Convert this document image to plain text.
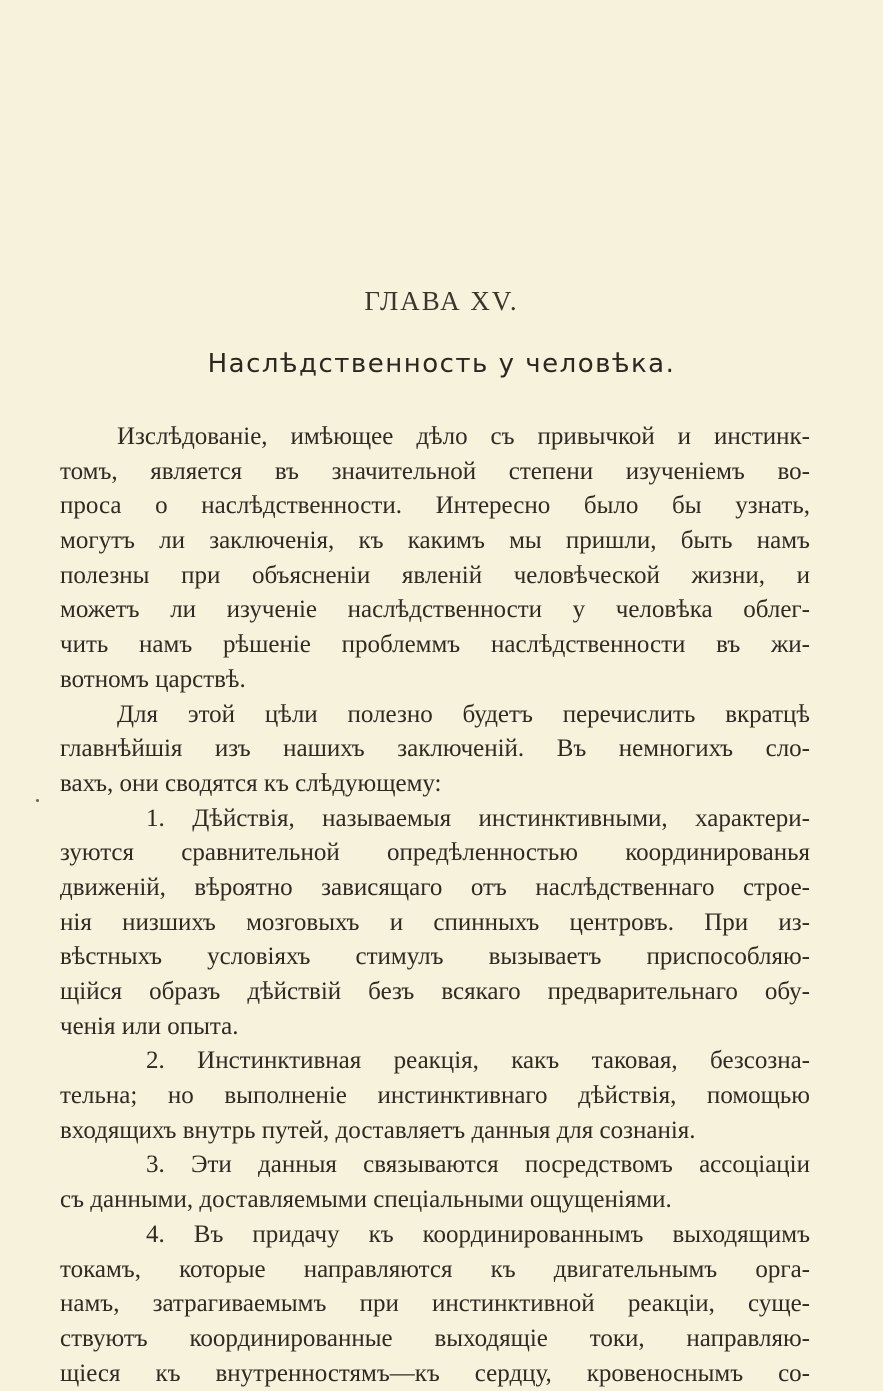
ГЛАВА XV.
Наслѣдственность у человѣка.
Изслѣдованіе, имѣющее дѣло съ привычкой и инстинк-
томъ, является въ значительной степени изученіемъ во-
проса о наслѣдственности. Интересно было бы узнать,
могутъ ли заключенія, къ какимъ мы пришли, быть намъ
полезны при объясненіи явленій человѣческой жизни, и
можетъ ли изученіе наслѣдственности у человѣка облег-
чить намъ рѣшеніе проблеммъ наслѣдственности въ жи-
вотномъ царствѣ.
Для этой цѣли полезно будетъ перечислить вкратцѣ
главнѣйшія изъ нашихъ заключеній. Въ немногихъ сло-
вахъ, они сводятся къ слѣдующему:
1. Дѣйствія, называемыя инстинктивными, характери-
зуются сравнительной опредѣленностью координированья
движеній, вѣроятно зависящаго отъ наслѣдственнаго строе-
нія низшихъ мозговыхъ и спинныхъ центровъ. При из-
вѣстныхъ условіяхъ стимулъ вызываетъ приспособляю-
щійся образъ дѣйствій безъ всякаго предварительнаго обу-
ченія или опыта.
2. Инстинктивная реакція, какъ таковая, безсозна-
тельна; но выполненіе инстинктивнаго дѣйствія, помощью
входящихъ внутрь путей, доставляетъ данныя для сознанія.
3. Эти данныя связываются посредствомъ ассоціаціи
съ данными, доставляемыми спеціальными ощущеніями.
4. Въ придачу къ координированнымъ выходящимъ
токамъ, которые направляются къ двигательнымъ орга-
намъ, затрагиваемымъ при инстинктивной реакціи, суще-
ствуютъ координированные выходящіе токи, направляю-
щіеся къ внутренностямъ—къ сердцу, кровеноснымъ со-
